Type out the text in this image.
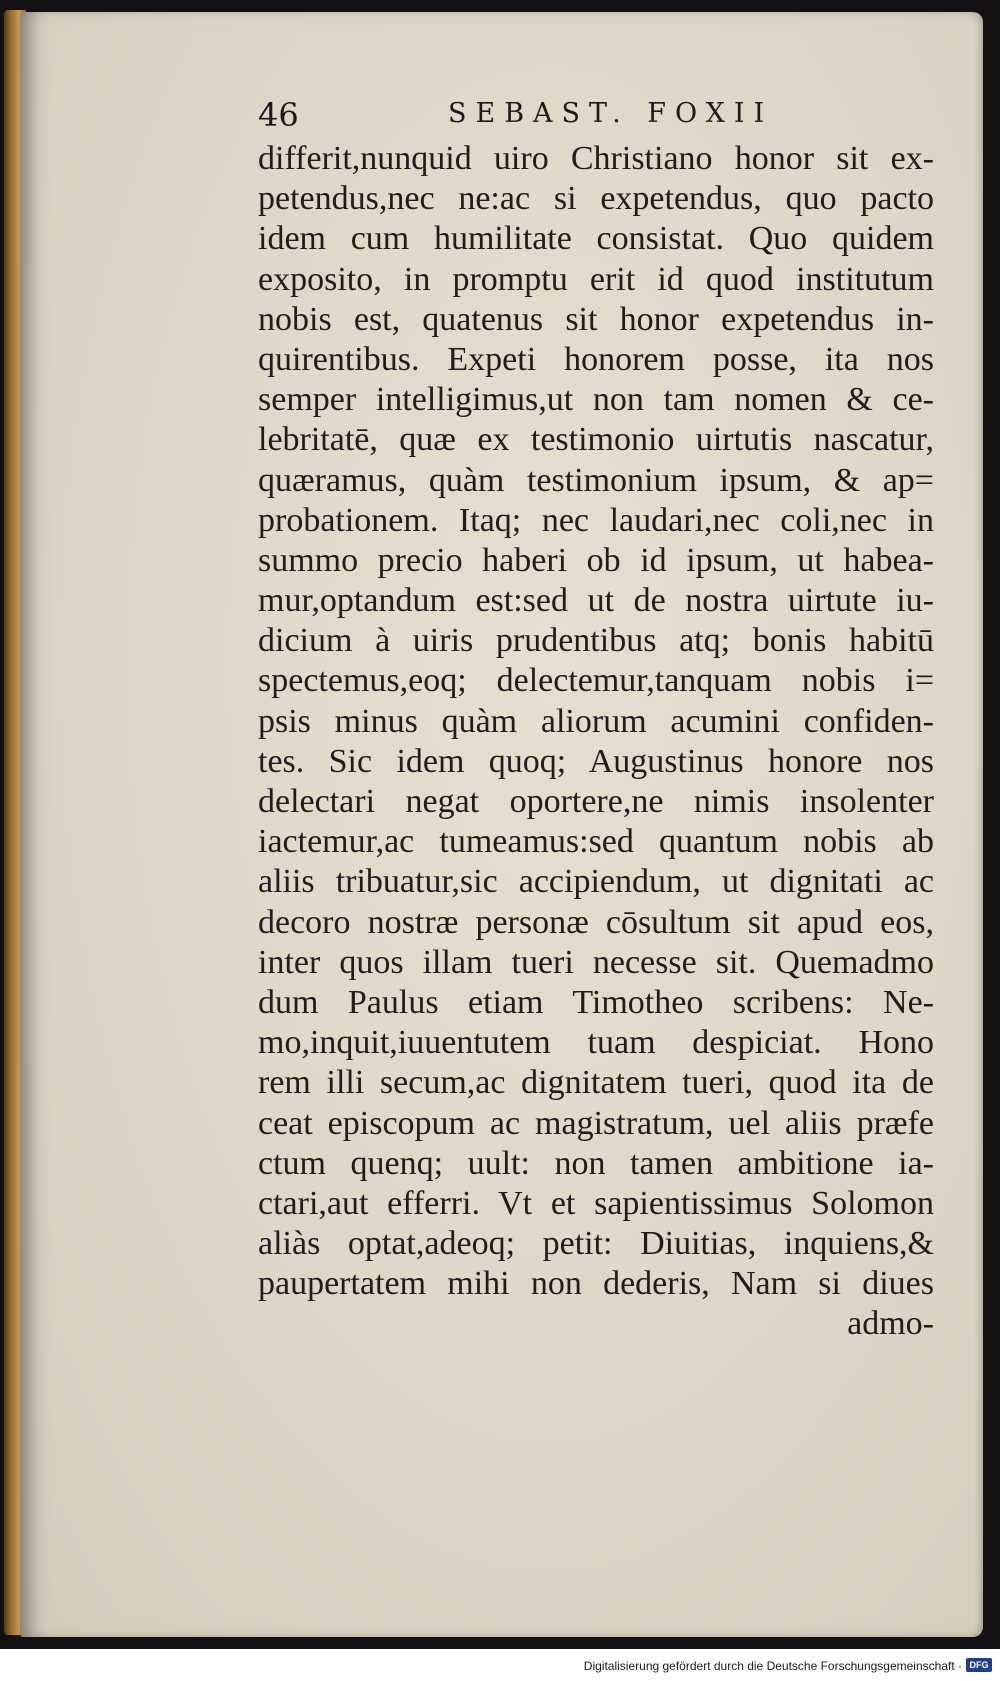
46	SEBAST. FOXII
differit,nunquid uiro Christiano honor sit ex-
petendus,nec ne:ac si expetendus, quo pacto
idem cum humilitate consistat. Quo quidem
exposito, in promptu erit id quod institutum
nobis est, quatenus sit honor expetendus in-
quirentibus. Expeti honorem posse, ita nos
semper intelligimus,ut non tam nomen & ce-
lebritatē, quæ ex testimonio uirtutis nascatur,
quæramus, quàm testimonium ipsum, & ap=
probationem. Itaq; nec laudari,nec coli,nec in
summo precio haberi ob id ipsum, ut habea-
mur,optandum est:sed ut de nostra uirtute iu-
dicium à uiris prudentibus atq; bonis habitū
spectemus,eoq; delectemur,tanquam nobis i=
psis minus quàm aliorum acumini confiden-
tes. Sic idem quoq; Augustinus honore nos
delectari negat oportere,ne nimis insolenter
iactemur,ac tumeamus:sed quantum nobis ab
aliis tribuatur,sic accipiendum, ut dignitati ac
decoro nostræ personæ cōsultum sit apud eos,
inter quos illam tueri necesse sit. Quemadmo
dum Paulus etiam Timotheo scribens: Ne-
mo,inquit,iuuentutem tuam despiciat. Hono
rem illi secum,ac dignitatem tueri, quod ita de
ceat episcopum ac magistratum, uel aliis præfe
ctum quenq; uult: non tamen ambitione ia-
ctari,aut efferri. Vt et sapientissimus Solomon
aliàs optat,adeoq; petit: Diuitias, inquiens,&
paupertatem mihi non dederis, Nam si diues
admo-
Digitalisierung gefördert durch die Deutsche Forschungsgemeinschaft · DFG
